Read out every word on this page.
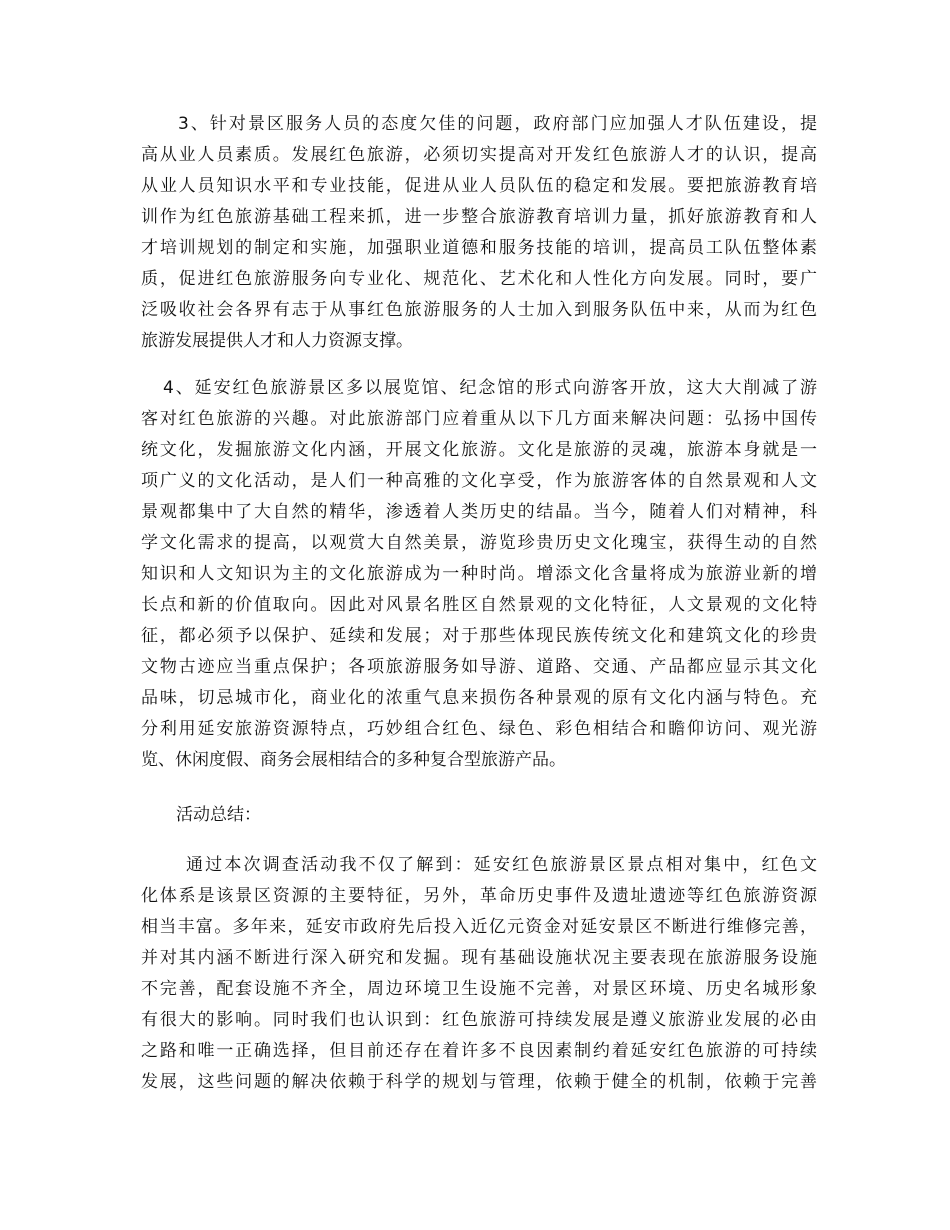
3、针对景区服务人员的态度欠佳的问题，政府部门应加强人才队伍建设，提
高从业人员素质。发展红色旅游，必须切实提高对开发红色旅游人才的认识，提高
从业人员知识水平和专业技能，促进从业人员队伍的稳定和发展。要把旅游教育培
训作为红色旅游基础工程来抓，进一步整合旅游教育培训力量，抓好旅游教育和人
才培训规划的制定和实施，加强职业道德和服务技能的培训，提高员工队伍整体素
质，促进红色旅游服务向专业化、规范化、艺术化和人性化方向发展。同时，要广
泛吸收社会各界有志于从事红色旅游服务的人士加入到服务队伍中来，从而为红色
旅游发展提供人才和人力资源支撑。
4、延安红色旅游景区多以展览馆、纪念馆的形式向游客开放，这大大削减了游
客对红色旅游的兴趣。对此旅游部门应着重从以下几方面来解决问题：弘扬中国传
统文化，发掘旅游文化内涵，开展文化旅游。文化是旅游的灵魂，旅游本身就是一
项广义的文化活动，是人们一种高雅的文化享受，作为旅游客体的自然景观和人文
景观都集中了大自然的精华，渗透着人类历史的结晶。当今，随着人们对精神，科
学文化需求的提高，以观赏大自然美景，游览珍贵历史文化瑰宝，获得生动的自然
知识和人文知识为主的文化旅游成为一种时尚。增添文化含量将成为旅游业新的增
长点和新的价值取向。因此对风景名胜区自然景观的文化特征，人文景观的文化特
征，都必须予以保护、延续和发展；对于那些体现民族传统文化和建筑文化的珍贵
文物古迹应当重点保护；各项旅游服务如导游、道路、交通、产品都应显示其文化
品味，切忌城市化，商业化的浓重气息来损伤各种景观的原有文化内涵与特色。充
分利用延安旅游资源特点，巧妙组合红色、绿色、彩色相结合和瞻仰访问、观光游
览、休闲度假、商务会展相结合的多种复合型旅游产品。
活动总结：
通过本次调查活动我不仅了解到：延安红色旅游景区景点相对集中，红色文
化体系是该景区资源的主要特征，另外，革命历史事件及遗址遗迹等红色旅游资源
相当丰富。多年来，延安市政府先后投入近亿元资金对延安景区不断进行维修完善，
并对其内涵不断进行深入研究和发掘。现有基础设施状况主要表现在旅游服务设施
不完善，配套设施不齐全，周边环境卫生设施不完善，对景区环境、历史名城形象
有很大的影响。同时我们也认识到：红色旅游可持续发展是遵义旅游业发展的必由
之路和唯一正确选择，但目前还存在着许多不良因素制约着延安红色旅游的可持续
发展，这些问题的解决依赖于科学的规划与管理，依赖于健全的机制，依赖于完善
